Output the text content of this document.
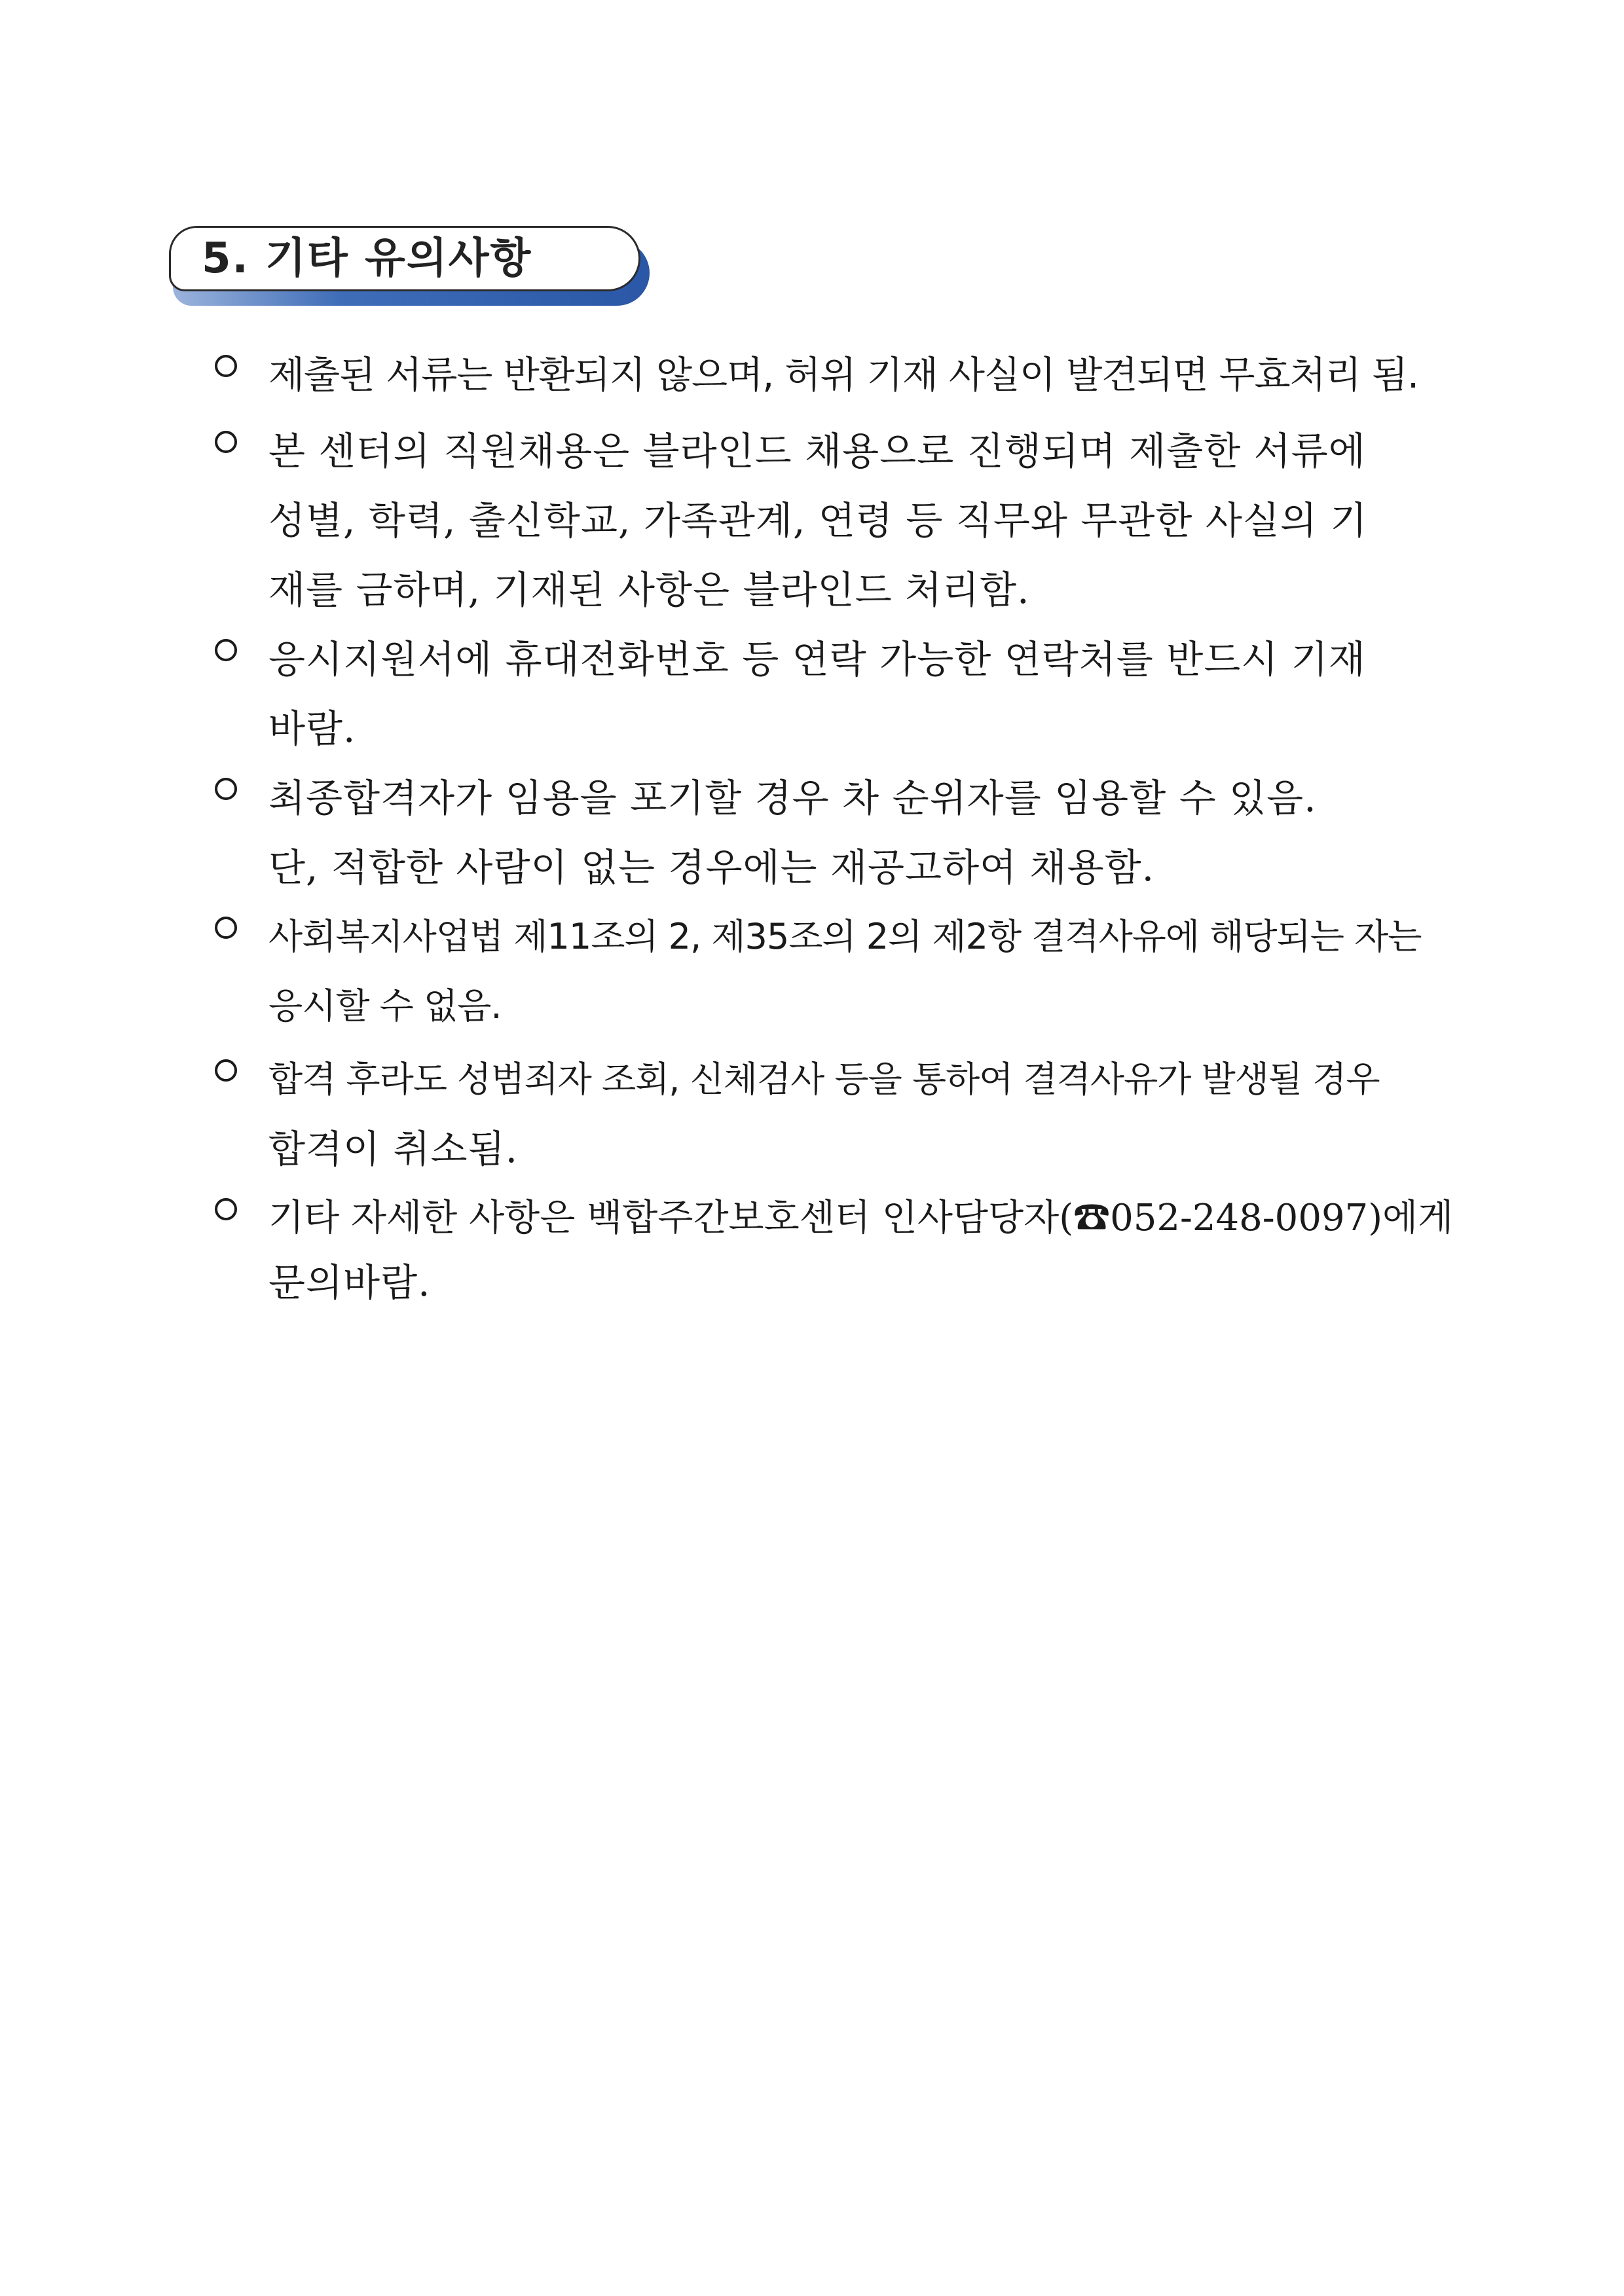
5. 기타 유의사항
제출된 서류는 반환되지 않으며, 허위 기재 사실이 발견되면 무효처리 됨.
본 센터의 직원채용은 블라인드 채용으로 진행되며 제출한 서류에
성별, 학력, 출신학교, 가족관계, 연령 등 직무와 무관한 사실의 기
재를 금하며, 기재된 사항은 블라인드 처리함.
응시지원서에 휴대전화번호 등 연락 가능한 연락처를 반드시 기재
바람.
최종합격자가 임용을 포기할 경우 차 순위자를 임용할 수 있음.
단, 적합한 사람이 없는 경우에는 재공고하여 채용함.
사회복지사업법 제11조의 2, 제35조의 2의 제2항 결격사유에 해당되는 자는
응시할 수 없음.
합격 후라도 성범죄자 조회, 신체검사 등을 통하여 결격사유가 발생될 경우
합격이 취소됨.
기타 자세한 사항은 백합주간보호센터 인사담당자(☎052-248-0097)에게
문의바람.
